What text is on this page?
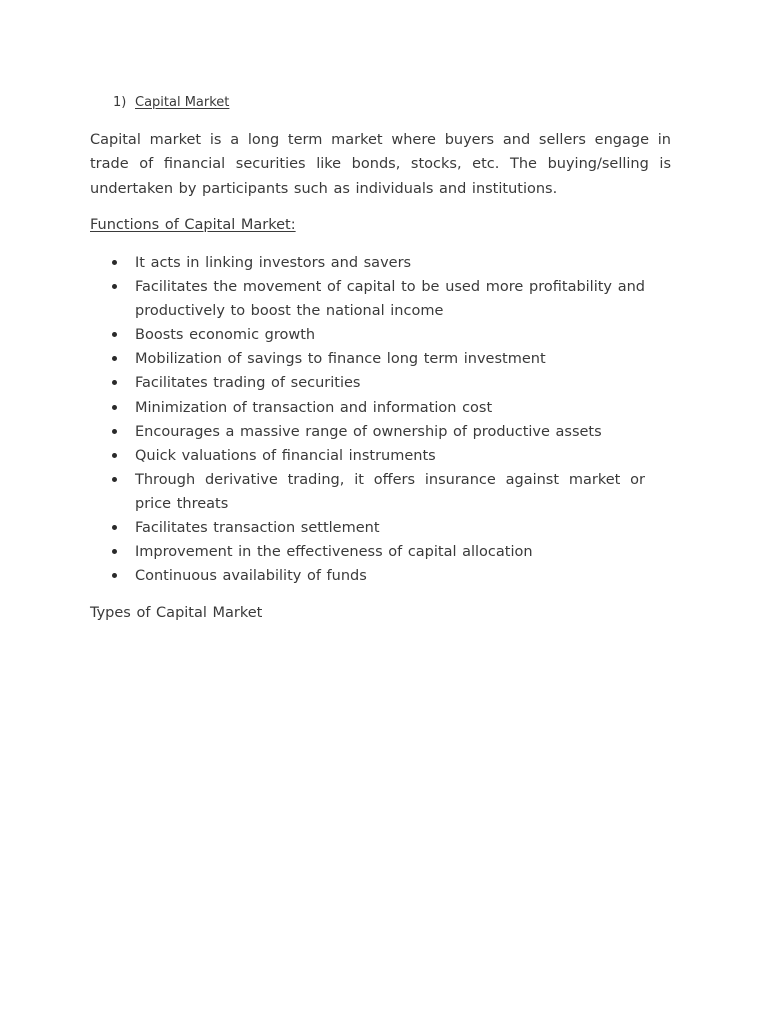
1) Capital Market

Capital market is a long term market where buyers and sellers engage in trade of financial securities like bonds, stocks, etc. The buying/selling is undertaken by participants such as individuals and institutions.

Functions of Capital Market:

It acts in linking investors and savers
Facilitates the movement of capital to be used more profitability and productively to boost the national income
Boosts economic growth
Mobilization of savings to finance long term investment
Facilitates trading of securities
Minimization of transaction and information cost
Encourages a massive range of ownership of productive assets
Quick valuations of financial instruments
Through derivative trading, it offers insurance against market or price threats
Facilitates transaction settlement
Improvement in the effectiveness of capital allocation
Continuous availability of funds

Types of Capital Market
